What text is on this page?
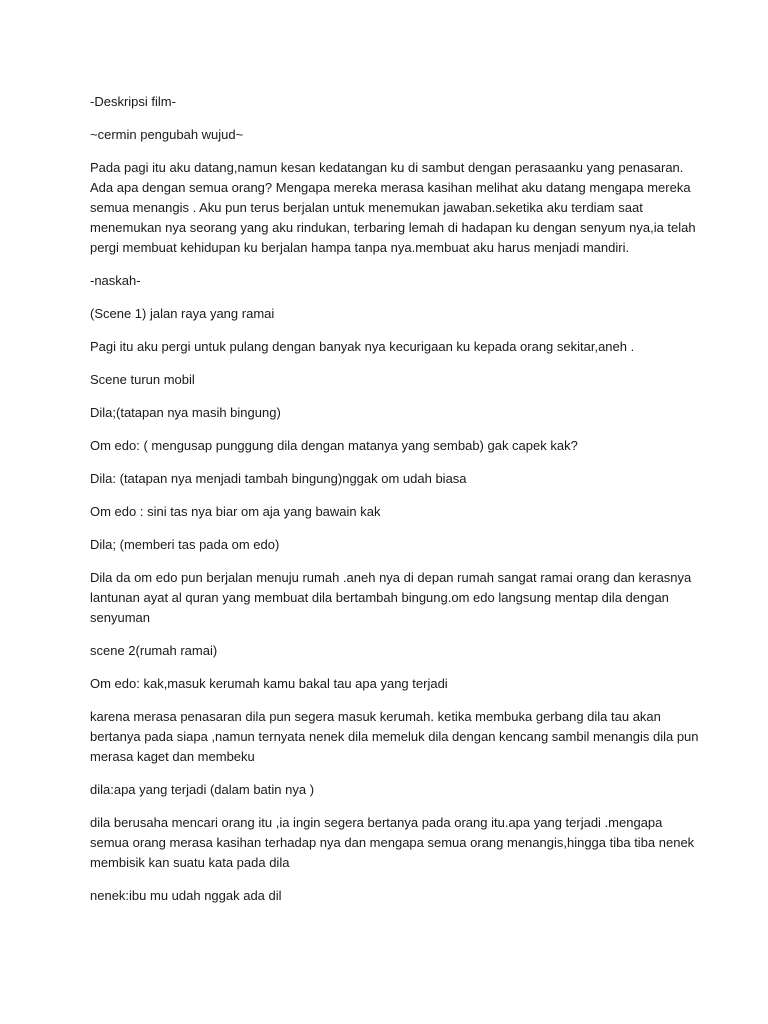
-Deskripsi film-

~cermin pengubah wujud~

Pada pagi itu aku datang,namun kesan kedatangan ku di sambut dengan perasaanku yang penasaran. Ada apa dengan semua orang? Mengapa mereka merasa kasihan melihat aku datang mengapa mereka semua menangis . Aku pun terus berjalan untuk menemukan jawaban.seketika aku terdiam saat menemukan nya seorang yang aku rindukan, terbaring lemah di hadapan ku dengan senyum nya,ia telah pergi membuat kehidupan ku berjalan hampa tanpa nya.membuat aku harus menjadi mandiri.

-naskah-

(Scene 1) jalan raya yang ramai

Pagi itu aku pergi untuk pulang dengan banyak nya kecurigaan ku kepada orang sekitar,aneh .

Scene turun mobil

Dila;(tatapan nya masih bingung)

Om edo: ( mengusap punggung dila dengan matanya yang sembab) gak capek kak?

Dila: (tatapan nya menjadi tambah bingung)nggak om udah biasa

Om edo : sini tas nya biar om aja yang bawain kak

Dila; (memberi tas pada om edo)

Dila da om edo pun berjalan menuju rumah .aneh nya di depan rumah sangat ramai orang dan kerasnya lantunan ayat al quran yang membuat dila bertambah bingung.om edo langsung mentap dila dengan senyuman

scene 2(rumah ramai)

Om edo: kak,masuk kerumah kamu bakal tau apa yang terjadi

karena merasa penasaran dila pun segera masuk kerumah. ketika membuka gerbang dila tau akan bertanya pada siapa ,namun ternyata nenek dila memeluk dila dengan kencang sambil menangis dila pun merasa kaget dan membeku

dila:apa yang terjadi (dalam batin nya )

dila berusaha mencari orang itu ,ia ingin segera bertanya pada orang itu.apa yang terjadi .mengapa semua orang merasa kasihan terhadap nya dan mengapa semua orang menangis,hingga tiba tiba nenek membisik kan suatu kata pada dila

nenek:ibu mu udah nggak ada dil
